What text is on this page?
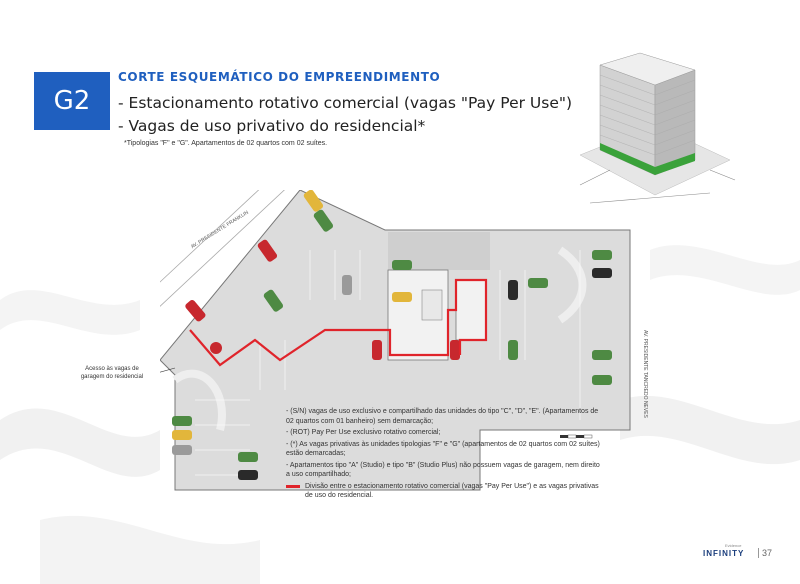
G2
CORTE ESQUEMÁTICO DO EMPREENDIMENTO
- Estacionamento rotativo comercial (vagas "Pay Per Use")
- Vagas de uso privativo do residencial*
*Tipologias "F" e "G". Apartamentos de 02 quartos com 02 suítes.
AV. PRESIDENTE FRANKLIN
AV. PRESIDENTE TANCREDO NEVES
Acesso às vagas de garagem do residencial

- (S/N) vagas de uso exclusivo e compartilhado das unidades do tipo "C", "D", "E". (Apartamentos de 02 quartos com 01 banheiro) sem demarcação;

- (ROT) Pay Per Use exclusivo rotativo comercial;

- (*) As vagas privativas às unidades tipologias "F" e "G" (apartamentos de 02 quartos com 02 suítes) estão demarcadas;

- Apartamentos tipo "A" (Studio) e tipo "B" (Studio Plus) não possuem vagas de garagem, nem direito a uso compartilhado;

Divisão entre o estacionamento rotativo comercial (vagas "Pay Per Use") e as vagas privativas de uso do residencial.
Evidence
INFINITY	37
